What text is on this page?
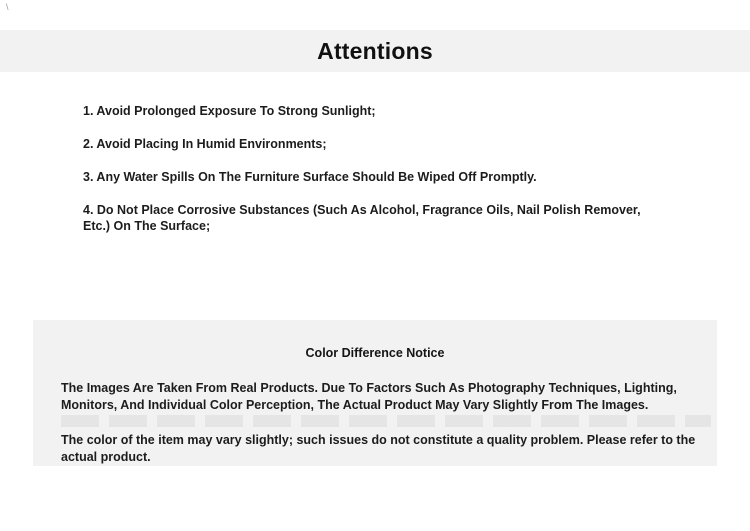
\
Attentions
1. Avoid Prolonged Exposure To Strong Sunlight;
2. Avoid Placing In Humid Environments;
3. Any Water Spills On The Furniture Surface Should Be Wiped Off Promptly.
4. Do Not Place Corrosive Substances (Such As Alcohol, Fragrance Oils, Nail Polish Remover, Etc.) On The Surface;
Color Difference Notice

The Images Are Taken From Real Products. Due To Factors Such As Photography Techniques, Lighting, Monitors, And Individual Color Perception, The Actual Product May Vary Slightly From The Images.

The color of the item may vary slightly; such issues do not constitute a quality problem. Please refer to the actual product.
